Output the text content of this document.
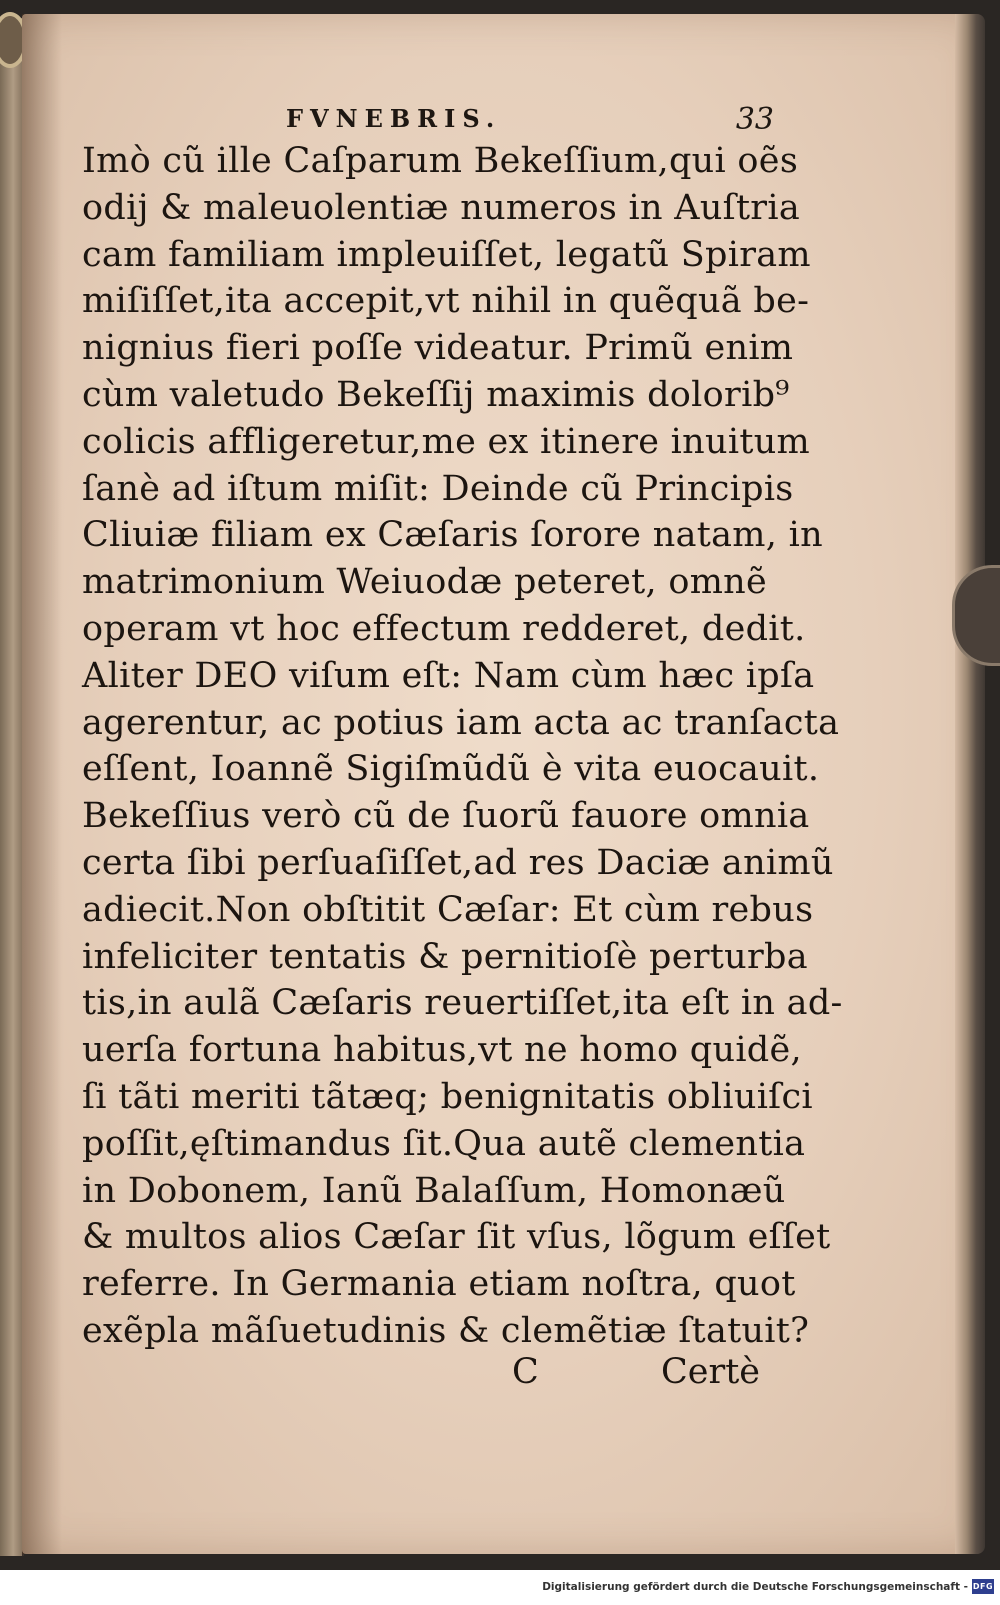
FVNEBRIS.	33
Imò cũ ille Caſparum Bekeſſium,qui oẽs
odij & maleuolentiæ numeros in Auſtria
cam familiam impleuiſſet, legatũ Spiram
miſiſſet,ita accepit,vt nihil in quẽquã be-
nignius fieri poſſe videatur. Primũ enim
cùm valetudo Bekeſſij maximis dolorib⁹
colicis affligeretur,me ex itinere inuitum
ſanè ad iſtum miſit: Deinde cũ Principis
Cliuiæ filiam ex Cæſaris ſorore natam, in
matrimonium Weiuodæ peteret, omnẽ
operam vt hoc effectum redderet, dedit.
Aliter DEO viſum eſt: Nam cùm hæc ipſa
agerentur, ac potius iam acta ac tranſacta
eſſent, Ioannẽ Sigiſmũdũ è vita euocauit.
Bekeſſius verò cũ de ſuorũ fauore omnia
certa ſibi perſuaſiſſet,ad res Daciæ animũ
adiecit.Non obſtitit Cæſar: Et cùm rebus
infeliciter tentatis & pernitioſè perturba
tis,in aulã Cæſaris reuertiſſet,ita eſt in ad-
uerſa fortuna habitus,vt ne homo quidẽ,
ſi tãti meriti tãtæq; benignitatis obliuiſci
poſſit,ęſtimandus ſit.Qua autẽ clementia
in Dobonem, Ianũ Balaſſum, Homonæũ
& multos alios Cæſar ſit vſus, lõgum eſſet
referre. In Germania etiam noſtra, quot
exẽpla mãſuetudinis & clemẽtiæ ſtatuit?
C	Certè
Digitalisierung gefördert durch die Deutsche Forschungsgemeinschaft - DFG
